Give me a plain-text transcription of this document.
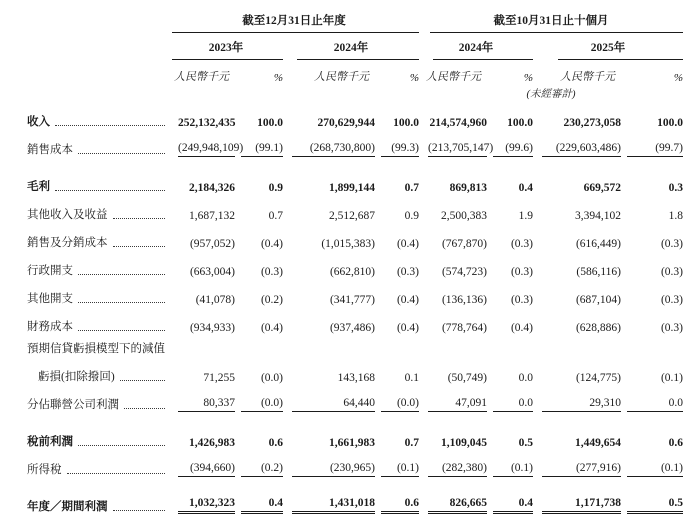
	截至12月31日止年度				截至10月31日止十個月			

	2023年		2024年		2024年		2025年	

	人民幣千元	%	人民幣千元	%	人民幣千元	%	人民幣千元	%
					(未經審計)			

收入	252,132,435	100.0	270,629,944	100.0	214,574,960	100.0	230,273,058	100.0

銷售成本	(249,948,109)	(99.1)	(268,730,800)	(99.3)	(213,705,147)	(99.6)	(229,603,486)	(99.7)

毛利	2,184,326	0.9	1,899,144	0.7	869,813	0.4	669,572	0.3

其他收入及收益	1,687,132	0.7	2,512,687	0.9	2,500,383	1.9	3,394,102	1.8

銷售及分銷成本	(957,052)	(0.4)	(1,015,383)	(0.4)	(767,870)	(0.3)	(616,449)	(0.3)

行政開支	(663,004)	(0.3)	(662,810)	(0.3)	(574,723)	(0.3)	(586,116)	(0.3)

其他開支	(41,078)	(0.2)	(341,777)	(0.4)	(136,136)	(0.3)	(687,104)	(0.3)

財務成本	(934,933)	(0.4)	(937,486)	(0.4)	(778,764)	(0.4)	(628,886)	(0.3)

預期信貸虧損模型下的減值								

虧損(扣除撥回)	71,255	(0.0)	143,168	0.1	(50,749)	0.0	(124,775)	(0.1)

分佔聯營公司利潤	80,337	(0.0)	64,440	(0.0)	47,091	0.0	29,310	0.0

稅前利潤	1,426,983	0.6	1,661,983	0.7	1,109,045	0.5	1,449,654	0.6

所得稅	(394,660)	(0.2)	(230,965)	(0.1)	(282,380)	(0.1)	(277,916)	(0.1)

年度／期間利潤	1,032,323	0.4	1,431,018	0.6	826,665	0.4	1,171,738	0.5
